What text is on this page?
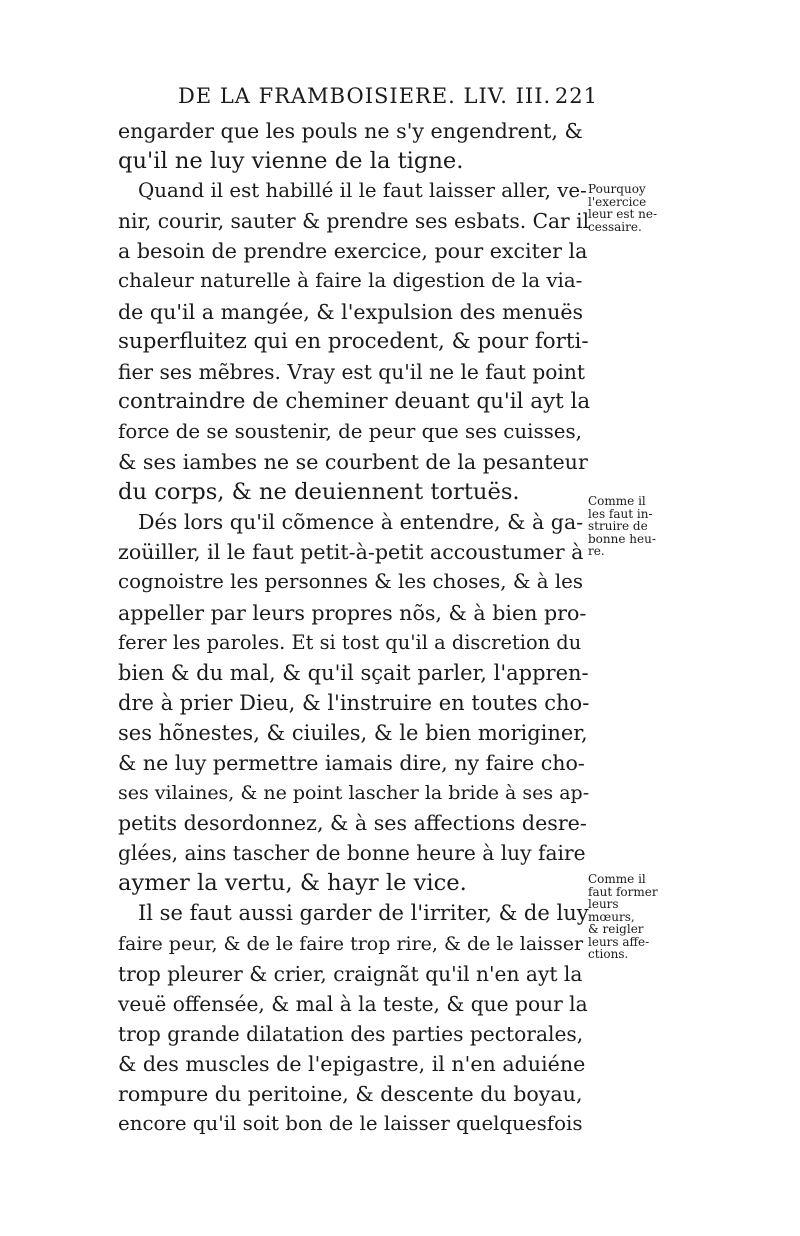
DE LA FRAMBOISIERE. LIV. III. 221
engarder que les pouls ne s'y engendrent, &
qu'il ne luy vienne de la tigne.
Quand il est habillé il le faut laisser aller, ve-
nir, courir, sauter & prendre ses esbats. Car il
a besoin de prendre exercice, pour exciter la
chaleur naturelle à faire la digestion de la via-
de qu'il a mangée, & l'expulsion des menuës
superfluitez qui en procedent, & pour forti-
fier ses mẽbres. Vray est qu'il ne le faut point
contraindre de cheminer deuant qu'il ayt la
force de se soustenir, de peur que ses cuisses,
& ses iambes ne se courbent de la pesanteur
du corps, & ne deuiennent tortuës.
Dés lors qu'il cõmence à entendre, & à ga-
zoüiller, il le faut petit-à-petit accoustumer à
cognoistre les personnes & les choses, & à les
appeller par leurs propres nõs, & à bien pro-
ferer les paroles. Et si tost qu'il a discretion du
bien & du mal, & qu'il sçait parler, l'appren-
dre à prier Dieu, & l'instruire en toutes cho-
ses hõnestes, & ciuiles, & le bien moriginer,
& ne luy permettre iamais dire, ny faire cho-
ses vilaines, & ne point lascher la bride à ses ap-
petits desordonnez, & à ses affections desre-
glées, ains tascher de bonne heure à luy faire
aymer la vertu, & hayr le vice.
Il se faut aussi garder de l'irriter, & de luy
faire peur, & de le faire trop rire, & de le laisser
trop pleurer & crier, craignãt qu'il n'en ayt la
veuë offensée, & mal à la teste, & que pour la
trop grande dilatation des parties pectorales,
& des muscles de l'epigastre, il n'en aduiéne
rompure du peritoine, & descente du boyau,
encore qu'il soit bon de le laisser quelquesfois
Pourquoy
l'exercice
leur est ne-
cessaire.
Comme il
les faut in-
struire de
bonne heu-
re.
Comme il
faut former
leurs
mœurs,
& reigler
leurs affe-
ctions.
